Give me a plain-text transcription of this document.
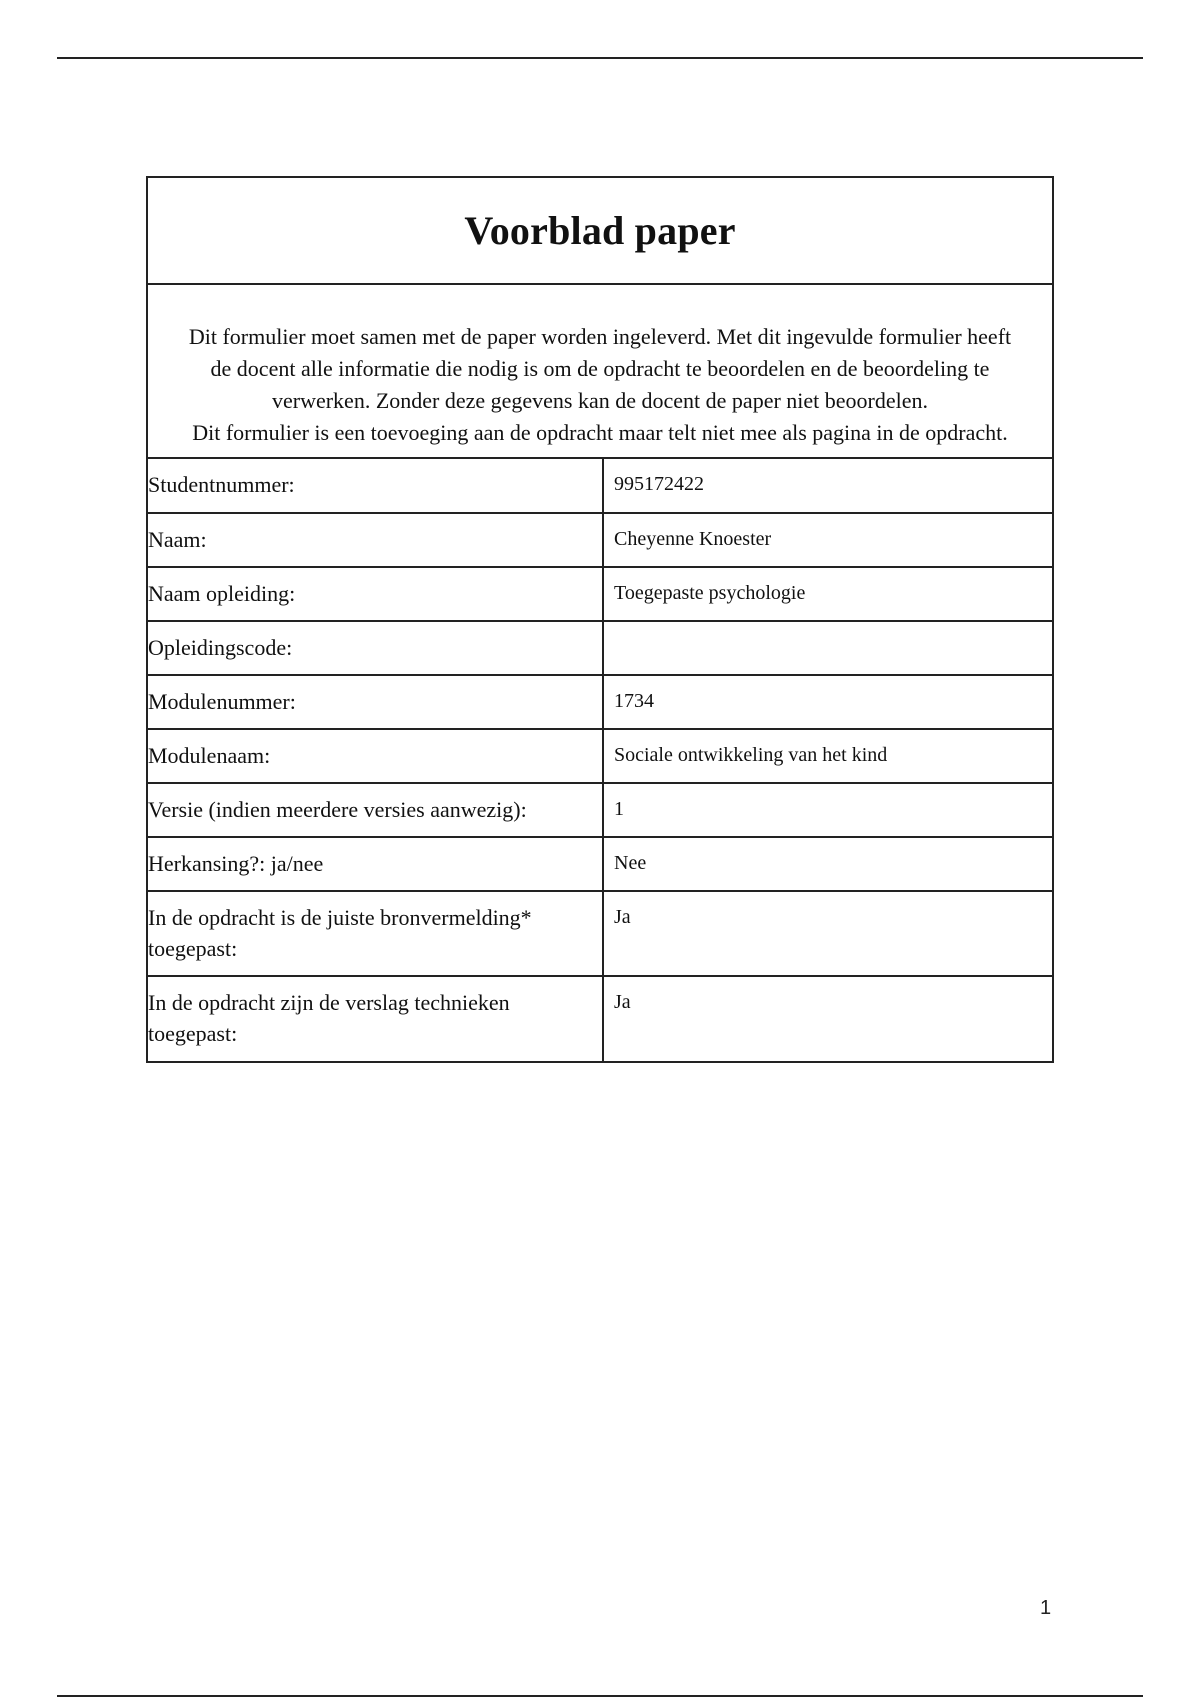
Voorblad paper

Dit formulier moet samen met de paper worden ingeleverd. Met dit ingevulde formulier heeft

de docent alle informatie die nodig is om de opdracht te beoordelen en de beoordeling te

verwerken. Zonder deze gegevens kan de docent de paper niet beoordelen.

Dit formulier is een toevoeging aan de opdracht maar telt niet mee als pagina in de opdracht.

Studentnummer:	995172422
Naam:	Cheyenne Knoester
Naam opleiding:	Toegepaste psychologie
Opleidingscode:	
Modulenummer:	1734
Modulenaam:	Sociale ontwikkeling van het kind
Versie (indien meerdere versies aanwezig):	1
Herkansing?: ja/nee	Nee
In de opdracht is de juiste bronvermelding*
toegepast:	Ja
In de opdracht zijn de verslag technieken
toegepast:	Ja
1
